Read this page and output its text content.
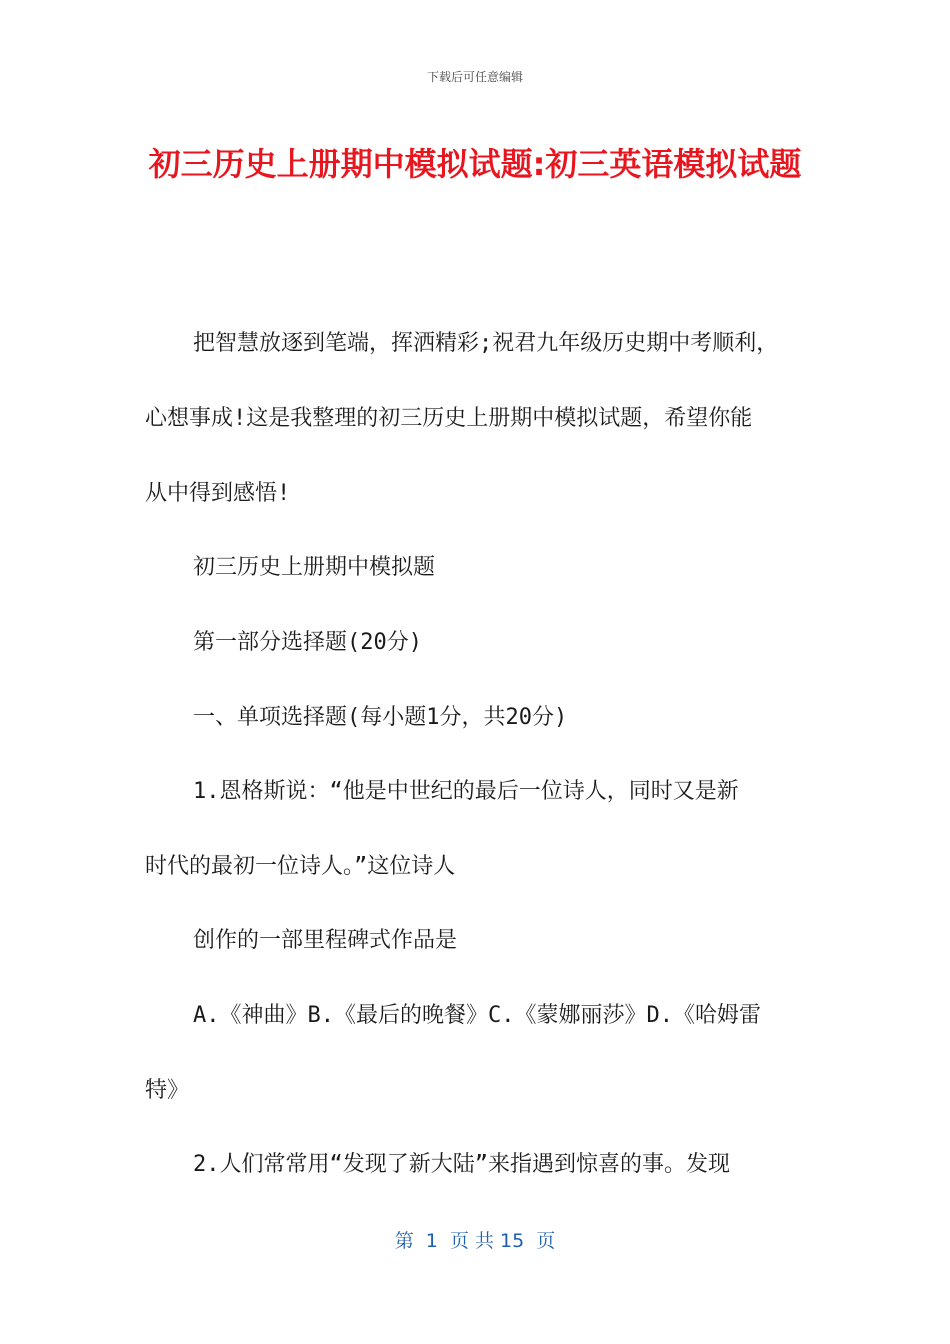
下载后可任意编辑
初三历史上册期中模拟试题:初三英语模拟试题
把智慧放逐到笔端，挥洒精彩;祝君九年级历史期中考顺利，
心想事成!这是我整理的初三历史上册期中模拟试题，希望你能
从中得到感悟!
初三历史上册期中模拟题
第一部分选择题(20分)
一、单项选择题(每小题1分，共20分)
1.恩格斯说：“他是中世纪的最后一位诗人，同时又是新
时代的最初一位诗人。”这位诗人
创作的一部里程碑式作品是
A.《神曲》B.《最后的晚餐》C.《蒙娜丽莎》D.《哈姆雷
特》
2.人们常常用“发现了新大陆”来指遇到惊喜的事。发现
第  1  页 共 15  页
